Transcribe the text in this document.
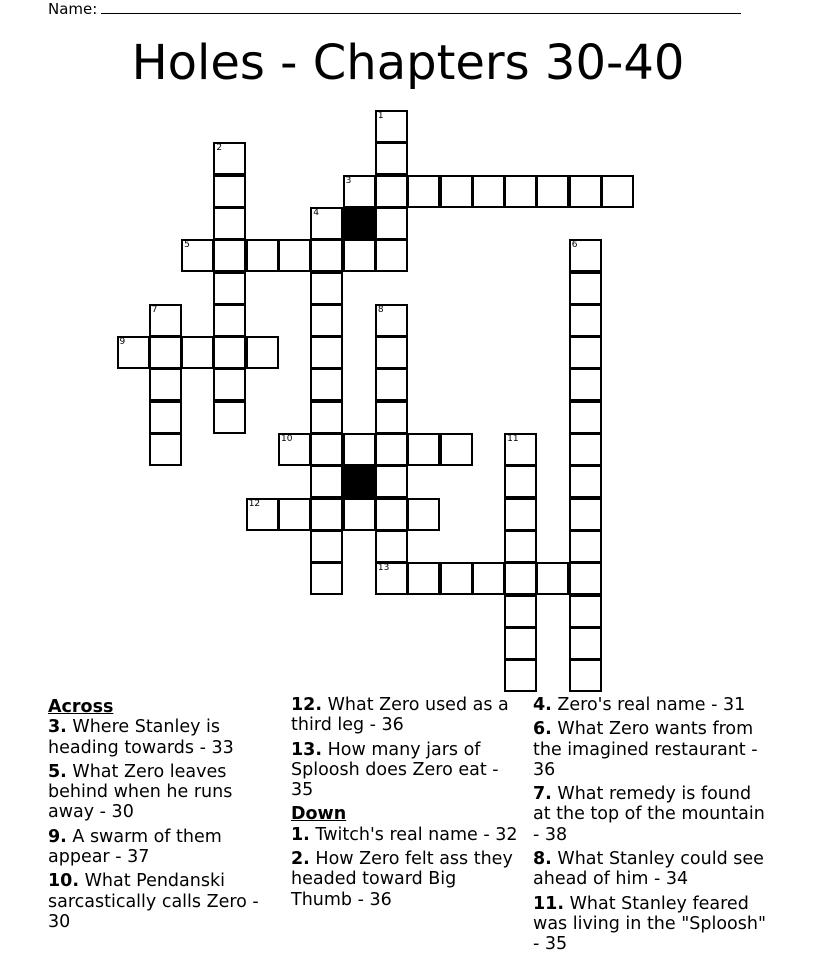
Name:
Holes - Chapters 30-40
1
2
4
6
7	8
13
11
3
5
9
10
12
Across
3. Where Stanley is heading towards - 33
5. What Zero leaves behind when he runs away - 30
9. A swarm of them appear - 37
10. What Pendanski sarcastically calls Zero - 30
12. What Zero used as a third leg - 36
13. How many jars of Sploosh does Zero eat - 35
Down
1. Twitch's real name - 32
2. How Zero felt ass they headed toward Big Thumb - 36
4. Zero's real name - 31
6. What Zero wants from the imagined restaurant - 36
7. What remedy is found at the top of the mountain - 38
8. What Stanley could see ahead of him - 34
11. What Stanley feared was living in the "Sploosh" - 35
